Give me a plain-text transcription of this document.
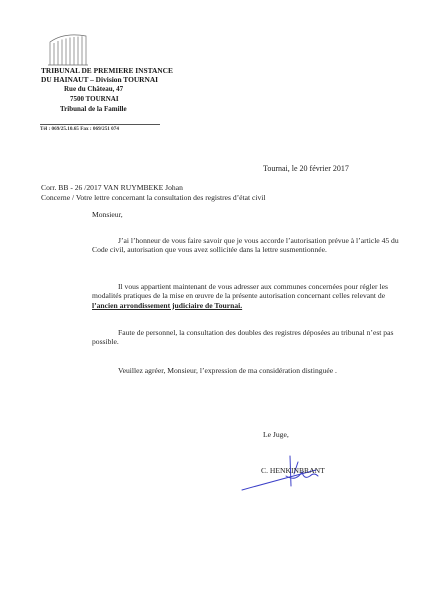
TRIBUNAL DE PREMIERE INSTANCE
DU HAINAUT – Division TOURNAI
Rue du Château, 47
7500 TOURNAI
Tribunal de la Famille
Tél : 069/25.10.65 Fax : 069/251 074
Tournai, le 20 février 2017
Corr. BB - 26 /2017 VAN RUYMBEKE Johan
Concerne / Votre lettre concernant la consultation des registres d’état civil
Monsieur,
J’ai l’honneur de vous faire savoir que je vous accorde l’autorisation prévue à l’article 45 du Code civil, autorisation que vous avez sollicitée dans la lettre susmentionnée.
Il vous appartient maintenant de vous adresser aux communes concernées pour régler les modalités pratiques de la mise en œuvre de la présente autorisation concernant celles relevant de l’ancien arrondissement judiciaire de Tournai.
Faute de personnel, la consultation des doubles des registres déposées au tribunal n’est pas possible.
Veuillez agréer, Monsieur, l’expression de ma considération distinguée .
Le Juge,
C. HENKINBRANT
